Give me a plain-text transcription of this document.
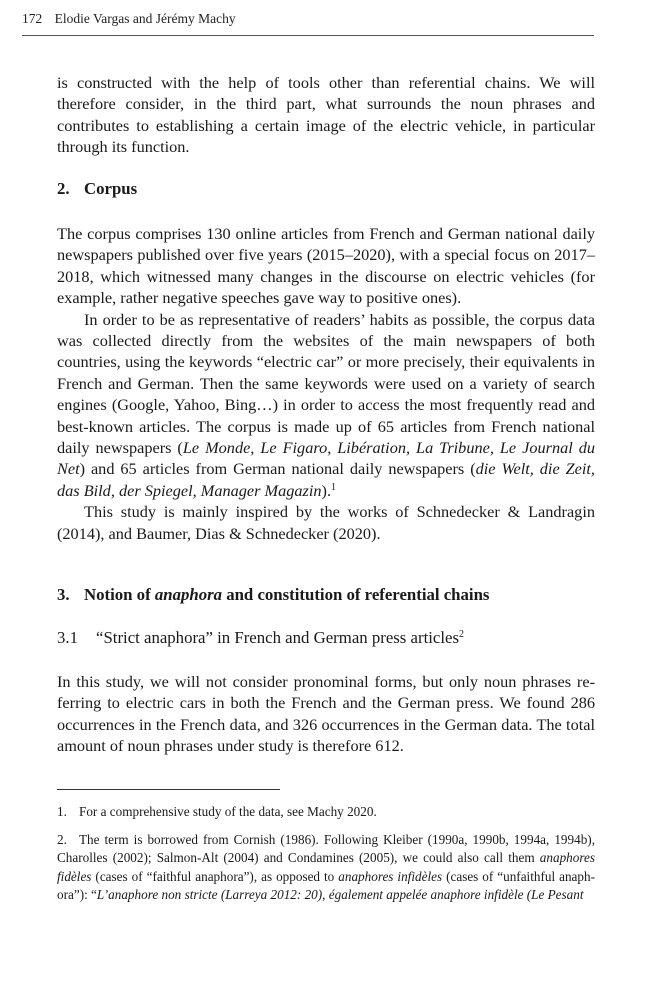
172 Elodie Vargas and Jérémy Machy

is constructed with the help of tools other than referential chains. We will therefore consider, in the third part, what surrounds the noun phrases and contributes to establishing a certain image of the electric vehicle, in particular through its function.

2. Corpus

The corpus comprises 130 online articles from French and German national daily newspapers published over five years (2015–2020), with a special focus on 2017–2018, which witnessed many changes in the discourse on electric vehicles (for example, rather negative speeches gave way to positive ones).

In order to be as representative of readers’ habits as possible, the corpus data was collected directly from the websites of the main newspapers of both countries, using the keywords “electric car” or more precisely, their equivalents in French and German. Then the same keywords were used on a variety of search engines (Google, Yahoo, Bing…) in order to access the most frequently read and best-known articles. The corpus is made up of 65 articles from French national daily newspapers (Le Monde, Le Figaro, Libération, La Tribune, Le Journal du Net) and 65 articles from German national daily newspapers (die Welt, die Zeit, das Bild, der Spiegel, Manager Magazin).$^1$

This study is mainly inspired by the works of Schnedecker & Landragin (2014), and Baumer, Dias & Schnedecker (2020).

3. Notion of anaphora and constitution of referential chains
3.1 “Strict anaphora” in French and German press articles$^2$

In this study, we will not consider pronominal forms, but only noun phrases referring to electric cars in both the French and the German press. We found 286 occurrences in the French data, and 326 occurrences in the German data. The total amount of noun phrases under study is therefore 612.

1. For a comprehensive study of the data, see Machy 2020.

2. The term is borrowed from Cornish (1986). Following Kleiber (1990a, 1990b, 1994a, 1994b), Charolles (2002); Salmon-Alt (2004) and Condamines (2005), we could also call them anaphores fidèles (cases of “faithful anaphora”), as opposed to anaphores infidèles (cases of “unfaithful anaphora”): “L’anaphore non stricte (Larreya 2012: 20), également appelée anaphore infidèle (Le Pesant
